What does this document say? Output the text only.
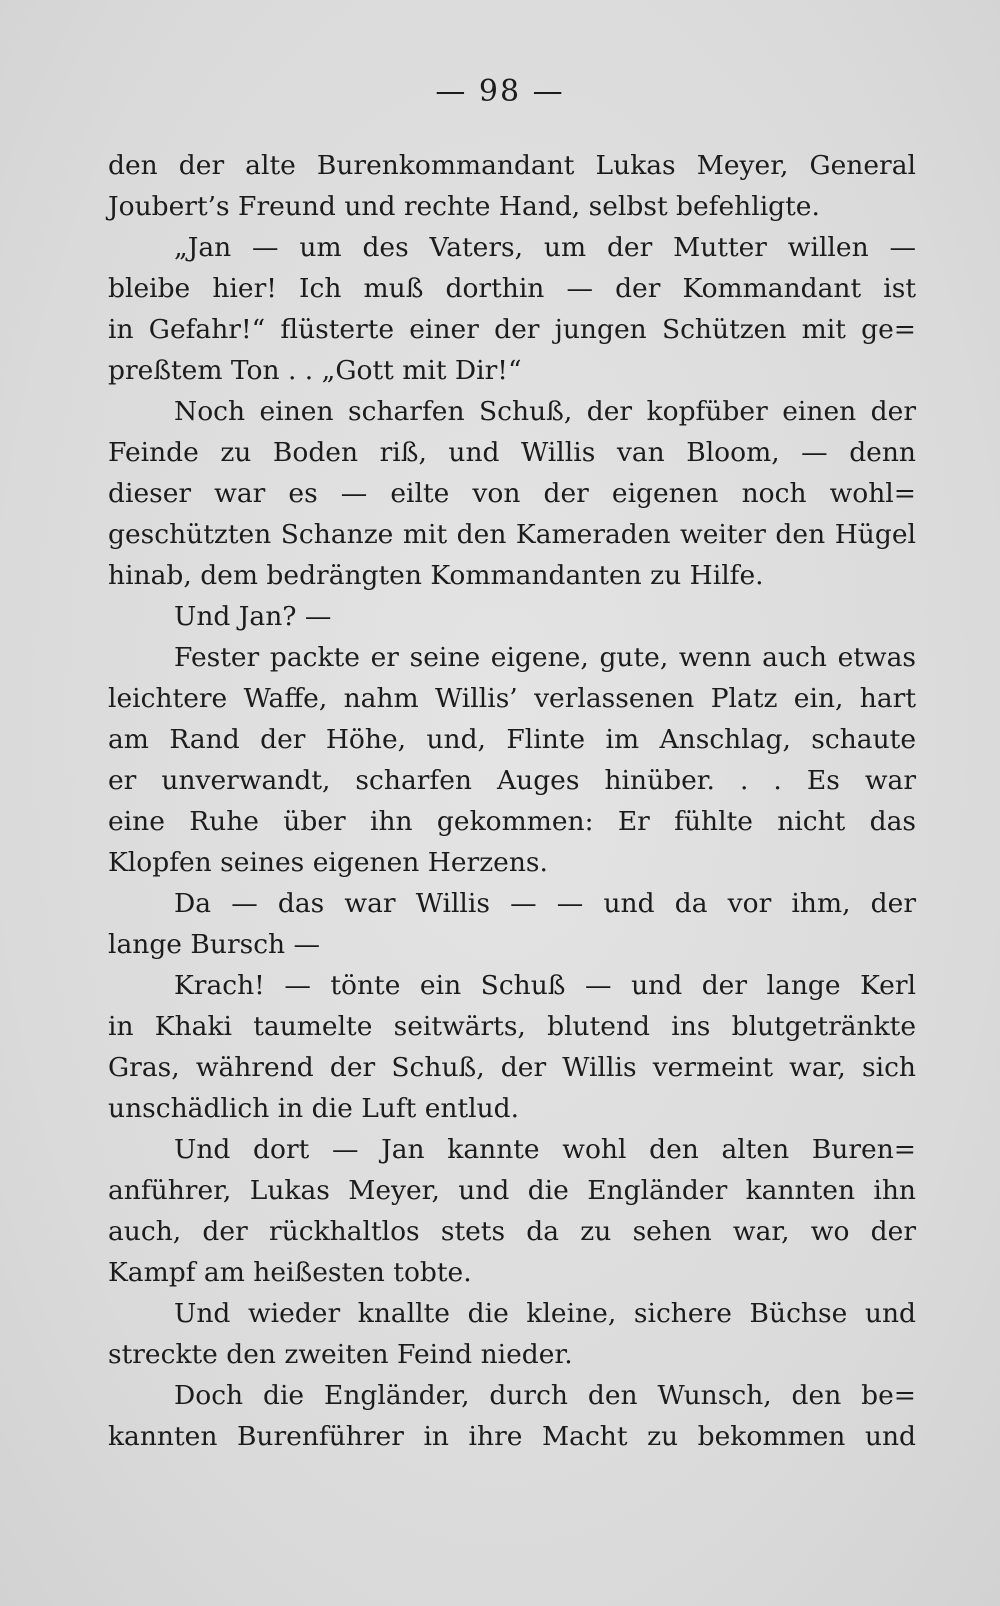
— 98 —
den der alte Burenkommandant Lukas Meyer, General
Joubert’s Freund und rechte Hand, selbst befehligte.
„Jan — um des Vaters, um der Mutter willen —
bleibe hier! Ich muß dorthin — der Kommandant ist
in Gefahr!“ flüsterte einer der jungen Schützen mit ge=
preßtem Ton . . „Gott mit Dir!“
Noch einen scharfen Schuß, der kopfüber einen der
Feinde zu Boden riß, und Willis van Bloom, — denn
dieser war es — eilte von der eigenen noch wohl=
geschützten Schanze mit den Kameraden weiter den Hügel
hinab, dem bedrängten Kommandanten zu Hilfe.
Und Jan? —
Fester packte er seine eigene, gute, wenn auch etwas
leichtere Waffe, nahm Willis’ verlassenen Platz ein, hart
am Rand der Höhe, und, Flinte im Anschlag, schaute
er unverwandt, scharfen Auges hinüber. . . Es war
eine Ruhe über ihn gekommen: Er fühlte nicht das
Klopfen seines eigenen Herzens.
Da — das war Willis — — und da vor ihm, der
lange Bursch —
Krach! — tönte ein Schuß — und der lange Kerl
in Khaki taumelte seitwärts, blutend ins blutgetränkte
Gras, während der Schuß, der Willis vermeint war, sich
unschädlich in die Luft entlud.
Und dort — Jan kannte wohl den alten Buren=
anführer, Lukas Meyer, und die Engländer kannten ihn
auch, der rückhaltlos stets da zu sehen war, wo der
Kampf am heißesten tobte.
Und wieder knallte die kleine, sichere Büchse und
streckte den zweiten Feind nieder.
Doch die Engländer, durch den Wunsch, den be=
kannten Burenführer in ihre Macht zu bekommen und
